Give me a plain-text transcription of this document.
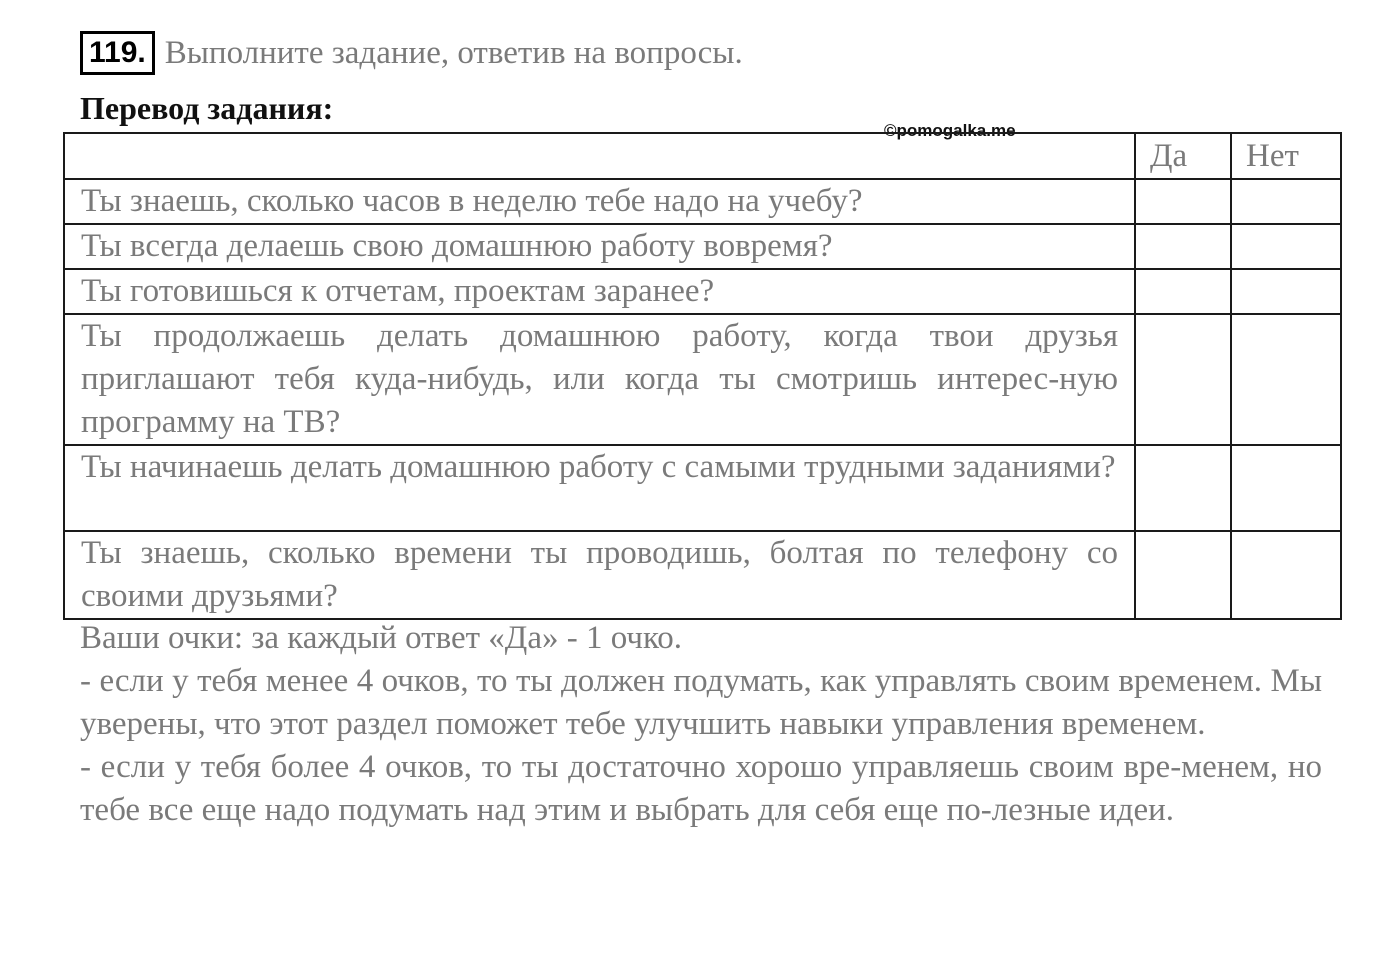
119. Выполните задание, ответив на вопросы.
Перевод задания:
©pomogalka.me
	Да	Нет
Ты знаешь, сколько часов в неделю тебе надо на учебу?		
Ты всегда делаешь свою домашнюю работу вовремя?		
Ты готовишься к отчетам, проектам заранее?		
Ты продолжаешь делать домашнюю работу, когда твои друзья приглашают тебя куда-нибудь, или когда ты смотришь интерес-ную программу на ТВ?		
Ты начинаешь делать домашнюю работу с самыми трудными заданиями?		
Ты знаешь, сколько времени ты проводишь, болтая по телефону со своими друзьями?		

Ваши очки: за каждый ответ «Да» - 1 очко.

- если у тебя менее 4 очков, то ты должен подумать, как управлять своим временем. Мы уверены, что этот раздел поможет тебе улучшить навыки управления временем.

- если у тебя более 4 очков, то ты достаточно хорошо управляешь своим вре-менем, но тебе все еще надо подумать над этим и выбрать для себя еще по-лезные идеи.
